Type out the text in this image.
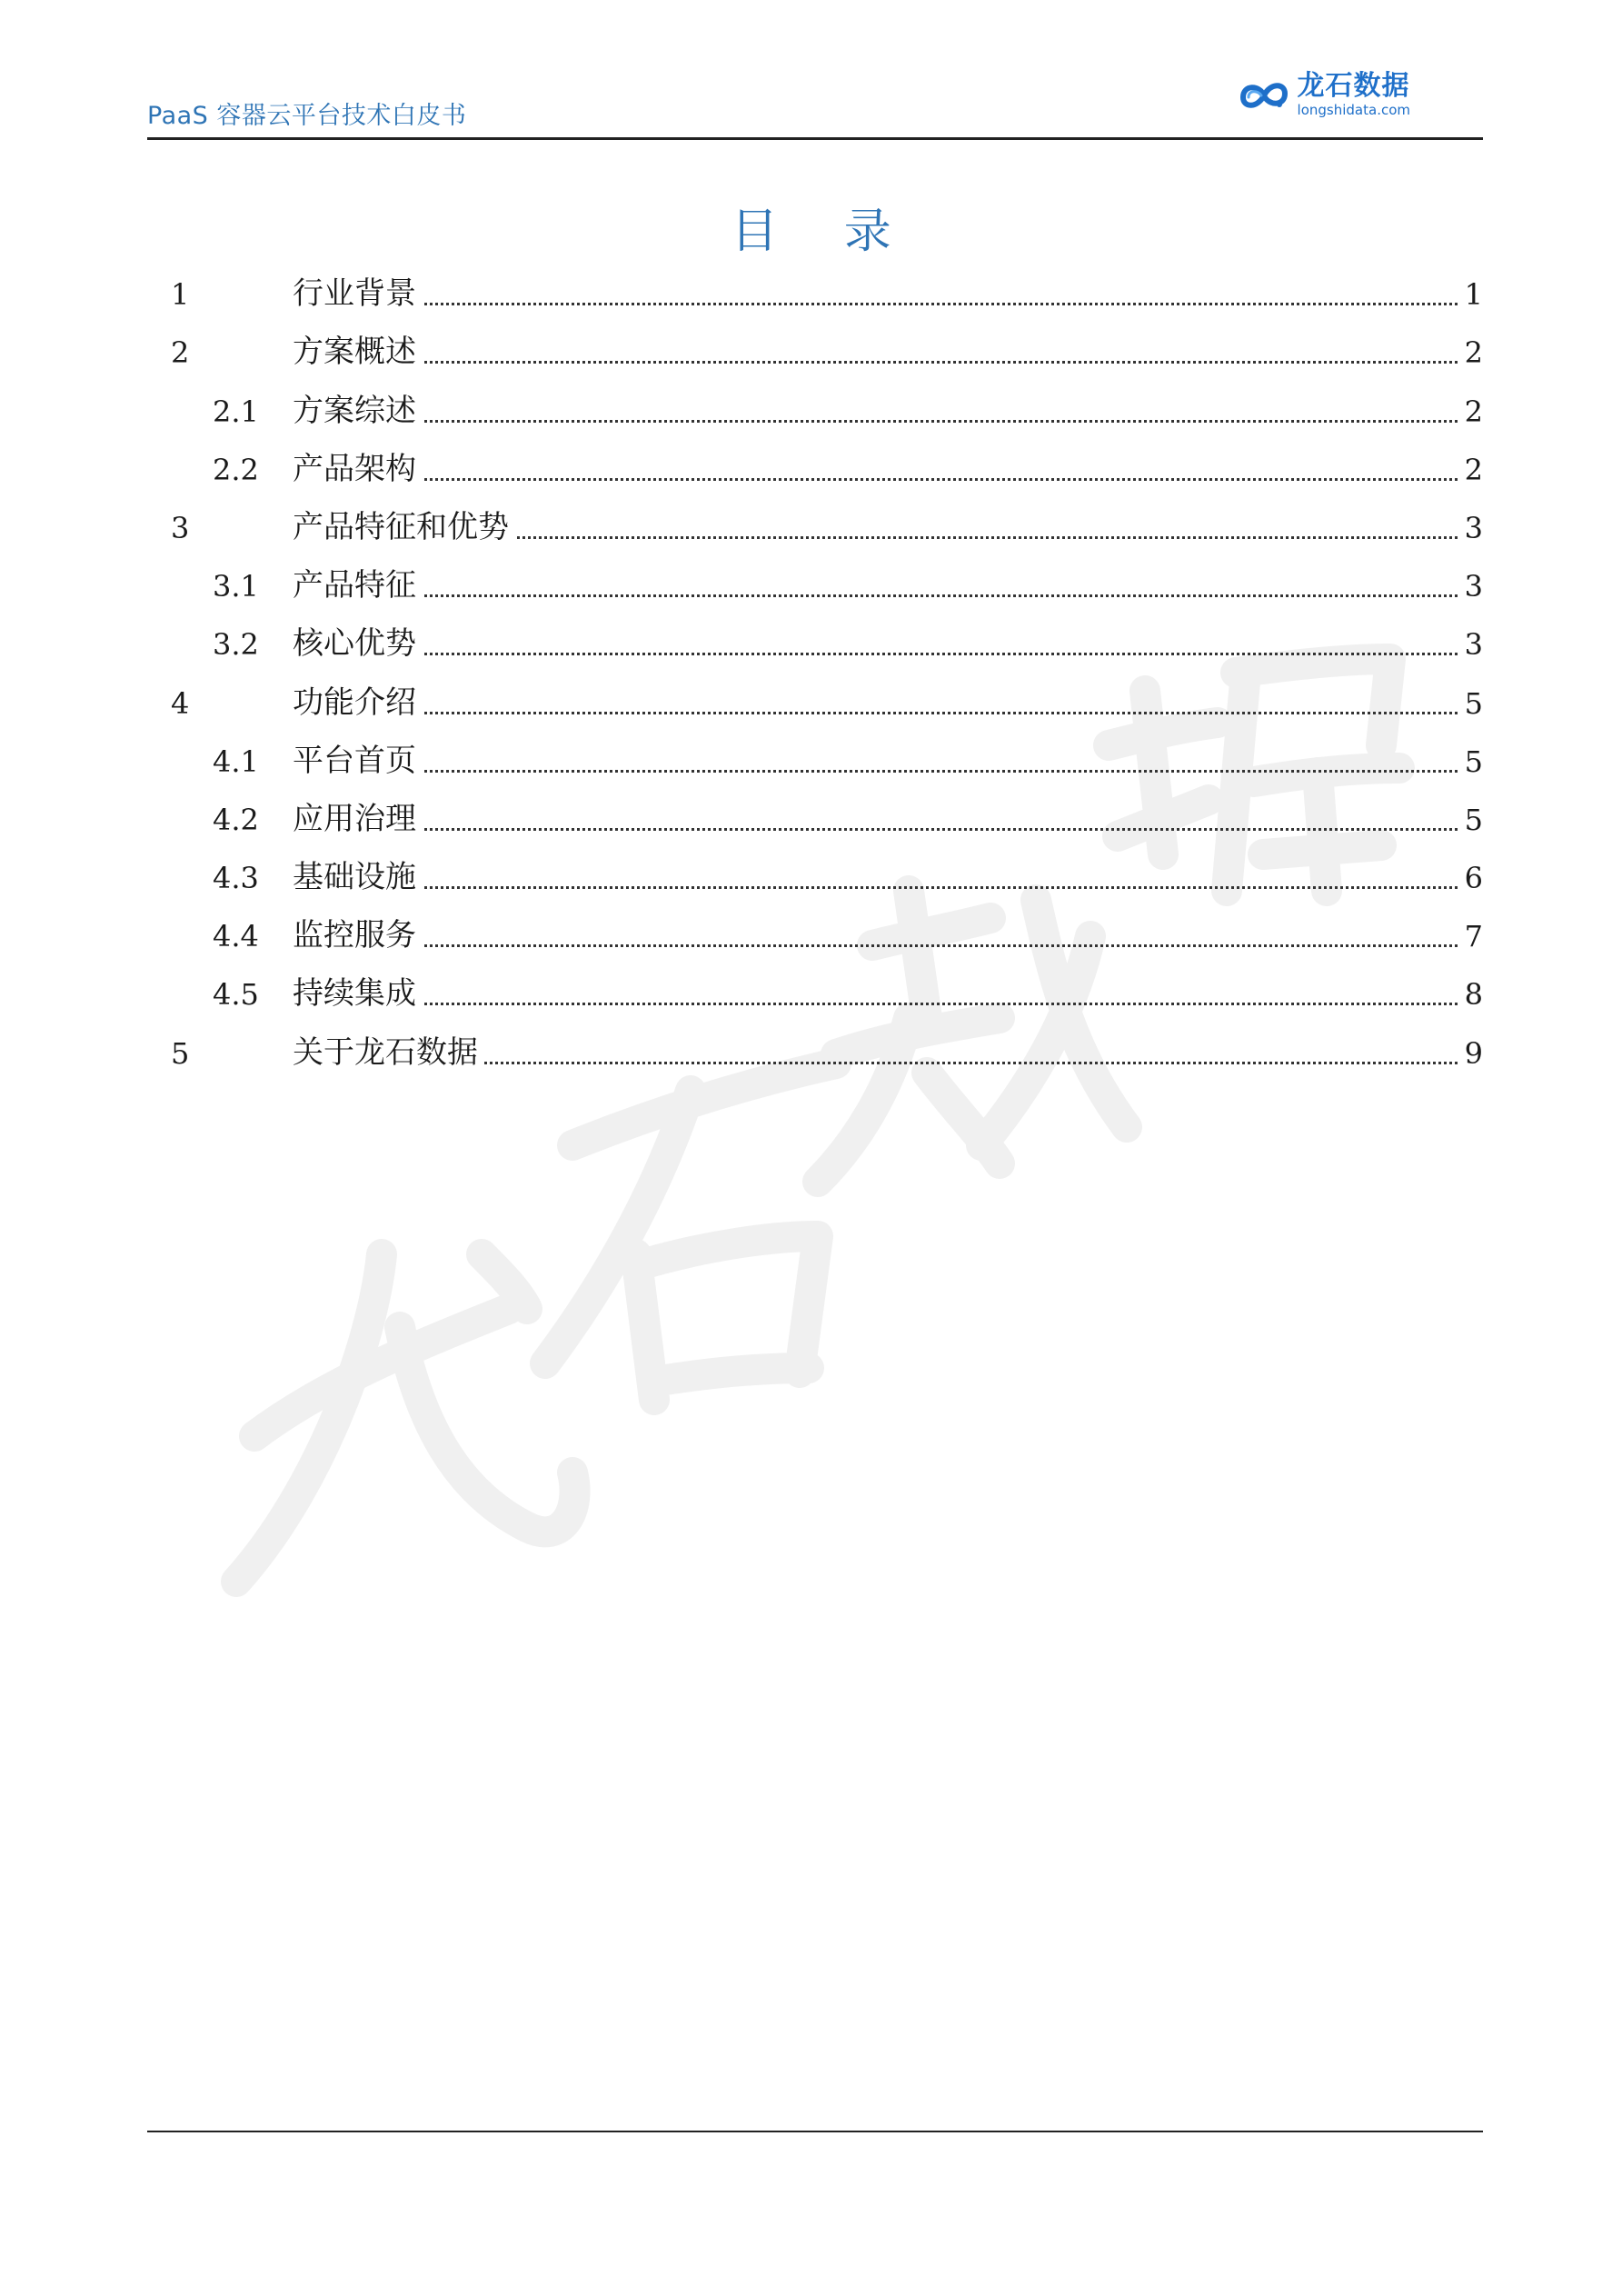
PaaS 容器云平台技术白皮书
龙石数据
longshidata.com
目 录
1	行业背景	1
2	方案概述	2
2.1 方案综述	2
2.2 产品架构	2
3	产品特征和优势	3
3.1 产品特征	3
3.2 核心优势	3
4	功能介绍	5
4.1 平台首页	5
4.2 应用治理	5
4.3 基础设施	6
4.4 监控服务	7
4.5 持续集成	8
5	关于龙石数据	9
